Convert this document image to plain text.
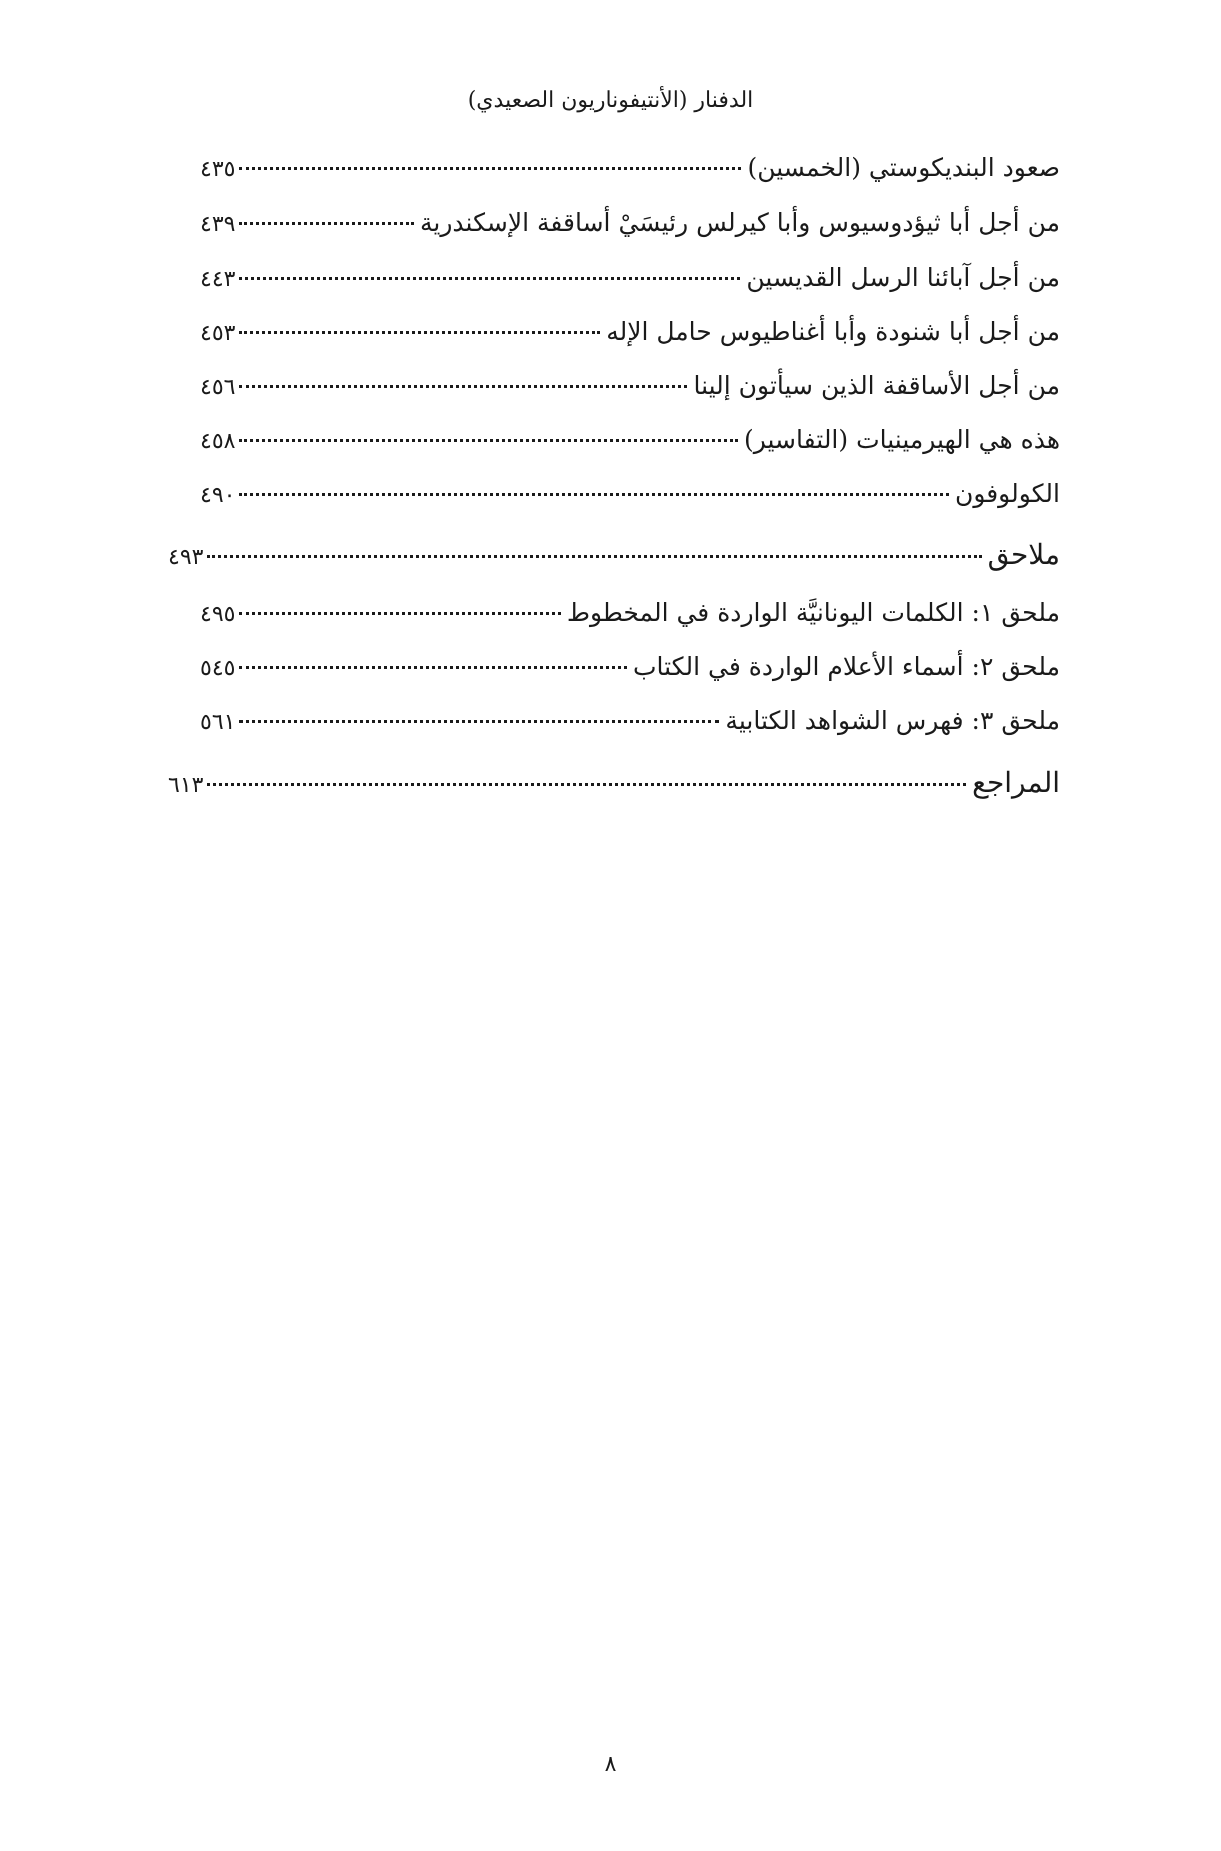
الدفنار (الأنتيفوناريون الصعيدي)
صعود البنديكوستي (الخمسين)
٤٣٥
من أجل أبا ثيؤدوسيوس وأبا كيرلس رئيسَيْ أساقفة الإسكندرية
٤٣٩
من أجل آبائنا الرسل القديسين
٤٤٣
من أجل أبا شنودة وأبا أغناطيوس حامل الإله
٤٥٣
من أجل الأساقفة الذين سيأتون إلينا
٤٥٦
هذه هي الهيرمينيات (التفاسير)
٤٥٨
الكولوفون
٤٩٠
ملاحق
٤٩٣
ملحق ١: الكلمات اليونانيَّة الواردة في المخطوط
٤٩٥
ملحق ٢: أسماء الأعلام الواردة في الكتاب
٥٤٥
ملحق ٣: فهرس الشواهد الكتابية
٥٦١
المراجع
٦١٣
٨
